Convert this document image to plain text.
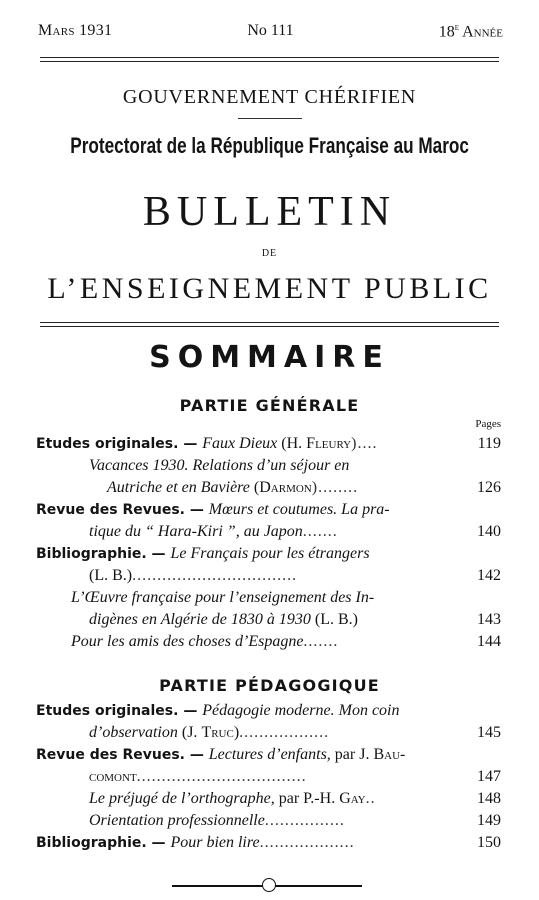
Mars 1931	No 111	18e Année
GOUVERNEMENT CHÉRIFIEN
Protectorat de la République Française au Maroc
BULLETIN
DE
L’ENSEIGNEMENT PUBLIC
SOMMAIRE
PARTIE GÉNÉRALE
Pages
Etudes originales. — Faux Dieux (H. Fleury)....	119
Vacances 1930. Relations d’un séjour en
Autriche et en Bavière (Darmon)........	126
Revue des Revues. — Mœurs et coutumes. La pra-
tique du “ Hara-Kiri ”, au Japon.......	140
Bibliographie. — Le Français pour les étrangers
(L. B.).................................	142
L’Œuvre française pour l’enseignement des In-
digènes en Algérie de 1830 à 1930 (L. B.)	143
Pour les amis des choses d’Espagne.......	144
PARTIE PÉDAGOGIQUE
Etudes originales. — Pédagogie moderne. Mon coin
d’observation (J. Truc)..................	145
Revue des Revues. — Lectures d’enfants, par J. Bau-
comont..................................	147
Le préjugé de l’orthographe, par P.-H. Gay..	148
Orientation professionnelle................	149
Bibliographie. — Pour bien lire...................	150
